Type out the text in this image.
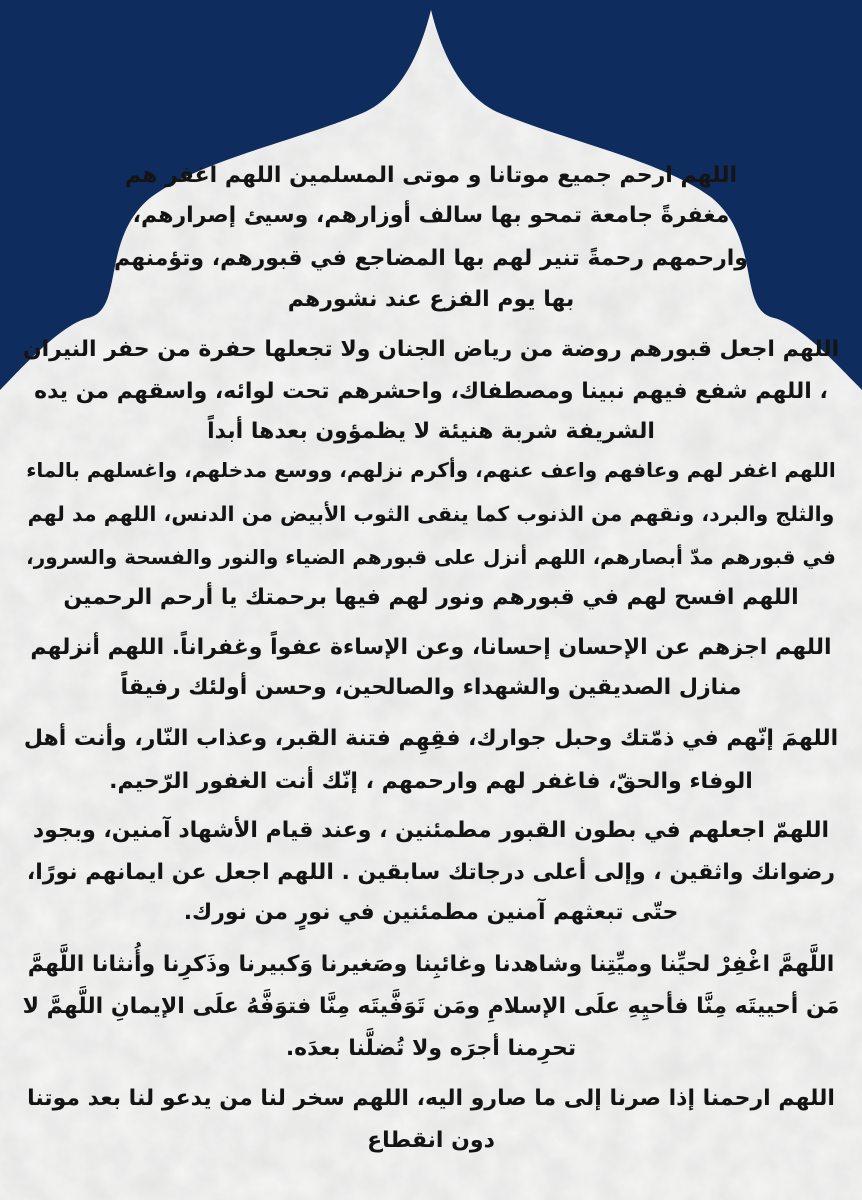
اللهم ارحم جميع موتانا و موتى المسلمين اللهم اغفر هم
مغفرةً جامعة تمحو بها سالف أوزارهم، وسيئ إصرارهم،
وارحمهم رحمةً تنير لهم بها المضاجع في قبورهم، وتؤمنهم
بها يوم الفزع عند نشورهم
اللهم اجعل قبورهم روضة من رياض الجنان ولا تجعلها حفرة من حفر النيران
، اللهم شفع فيهم نبينا ومصطفاك، واحشرهم تحت لوائه، واسقهم من يده
الشريفة شربة هنيئة لا يظمؤون بعدها أبداً
اللهم اغفر لهم وعافهم واعف عنهم، وأكرم نزلهم، ووسع مدخلهم، واغسلهم بالماء
والثلج والبرد، ونقهم من الذنوب كما ينقى الثوب الأبيض من الدنس، اللهم مد لهم
في قبورهم مدّ أبصارهم، اللهم أنزل على قبورهم الضياء والنور والفسحة والسرور،
اللهم افسح لهم في قبورهم ونور لهم فيها برحمتك يا أرحم الرحمين
اللهم اجزهم عن الإحسان إحسانا، وعن الإساءة عفواً وغفراناً. اللهم أنزلهم
منازل الصديقين والشهداء والصالحين، وحسن أولئك رفيقاً
اللهمَ إنّهم في ذمّتك وحبل جوارك، فقِهِم فتنة القبر، وعذاب النّار، وأنت أهل
الوفاء والحقّ، فاغفر لهم وارحمهم ، إنّك أنت الغفور الرّحيم.
اللهمّ اجعلهم في بطون القبور مطمئنين ، وعند قيام الأشهاد آمنين، وبجود
رضوانك واثقين ، وإلى أعلى درجاتك سابقين . اللهم اجعل عن ايمانهم نورًا،
حتّى تبعثهم آمنين مطمئنين في نورٍ من نورك.
اللَّهمَّ اغْفِرْ لحيِّنا وميِّتِنا وشاهدنا وغائبِنا وصَغيرنا وَكبيرنا وذَكرِنا وأُنثانا اللَّهمَّ
مَن أحييتَه مِنَّا فأحيِهِ علَى الإسلامِ ومَن تَوَفَّيتَه مِنَّا فتوَفَّهُ علَى الإيمانِ اللَّهمَّ لا
تحرِمنا أجرَه ولا تُضلَّنا بعدَه.
اللهم ارحمنا إذا صرنا إلى ما صارو اليه، اللهم سخر لنا من يدعو لنا بعد موتنا
دون انقطاع
